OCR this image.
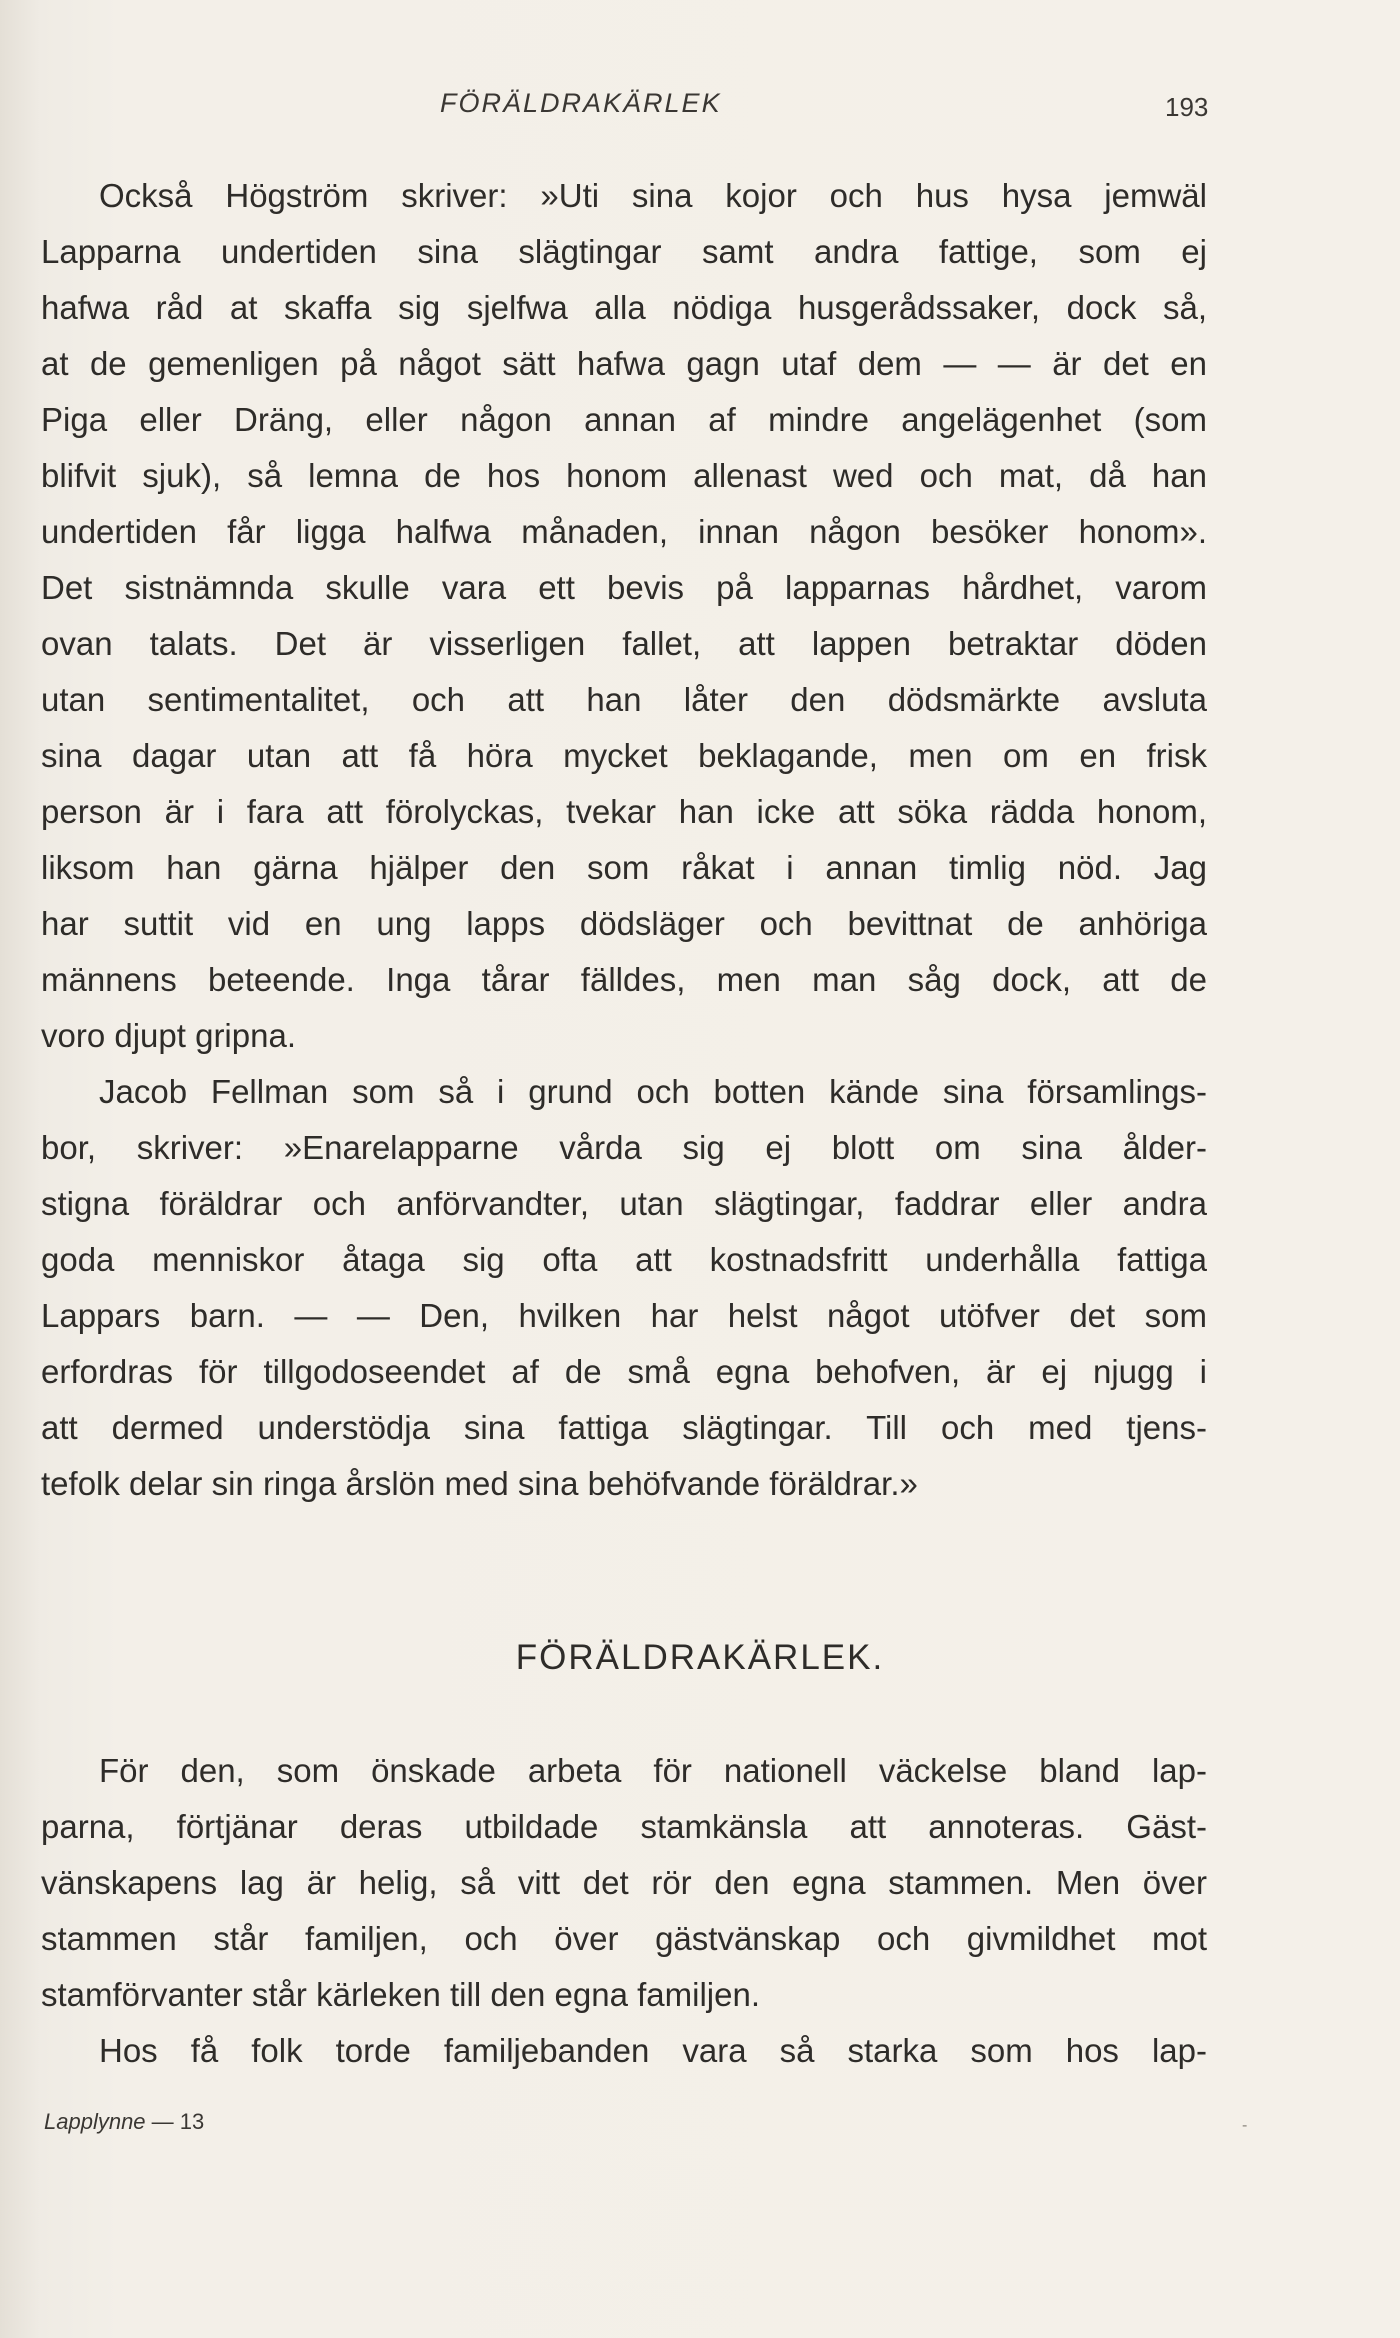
FÖRÄLDRAKÄRLEK	193
Också Högström skriver: »Uti sina kojor och hus hysa jemwäl
Lapparna undertiden sina slägtingar samt andra fattige, som ej
hafwa råd at skaffa sig sjelfwa alla nödiga husgerådssaker, dock så,
at de gemenligen på något sätt hafwa gagn utaf dem — — är det en
Piga eller Dräng, eller någon annan af mindre angelägenhet (som
blifvit sjuk), så lemna de hos honom allenast wed och mat, då han
undertiden får ligga halfwa månaden, innan någon besöker honom».
Det sistnämnda skulle vara ett bevis på lapparnas hårdhet, varom
ovan talats. Det är visserligen fallet, att lappen betraktar döden
utan sentimentalitet, och att han låter den dödsmärkte avsluta
sina dagar utan att få höra mycket beklagande, men om en frisk
person är i fara att förolyckas, tvekar han icke att söka rädda honom,
liksom han gärna hjälper den som råkat i annan timlig nöd. Jag
har suttit vid en ung lapps dödsläger och bevittnat de anhöriga
männens beteende. Inga tårar fälldes, men man såg dock, att de
voro djupt gripna.
Jacob Fellman som så i grund och botten kände sina församlings-
bor, skriver: »Enarelapparne vårda sig ej blott om sina ålder-
stigna föräldrar och anförvandter, utan slägtingar, faddrar eller andra
goda menniskor åtaga sig ofta att kostnadsfritt underhålla fattiga
Lappars barn. — — Den, hvilken har helst något utöfver det som
erfordras för tillgodoseendet af de små egna behofven, är ej njugg i
att dermed understödja sina fattiga slägtingar. Till och med tjens-
tefolk delar sin ringa årslön med sina behöfvande föräldrar.»
FÖRÄLDRAKÄRLEK.
För den, som önskade arbeta för nationell väckelse bland lap-
parna, förtjänar deras utbildade stamkänsla att annoteras. Gäst-
vänskapens lag är helig, så vitt det rör den egna stammen. Men över
stammen står familjen, och över gästvänskap och givmildhet mot
stamförvanter står kärleken till den egna familjen.
Hos få folk torde familjebanden vara så starka som hos lap-
Lapplynne — 13	-
